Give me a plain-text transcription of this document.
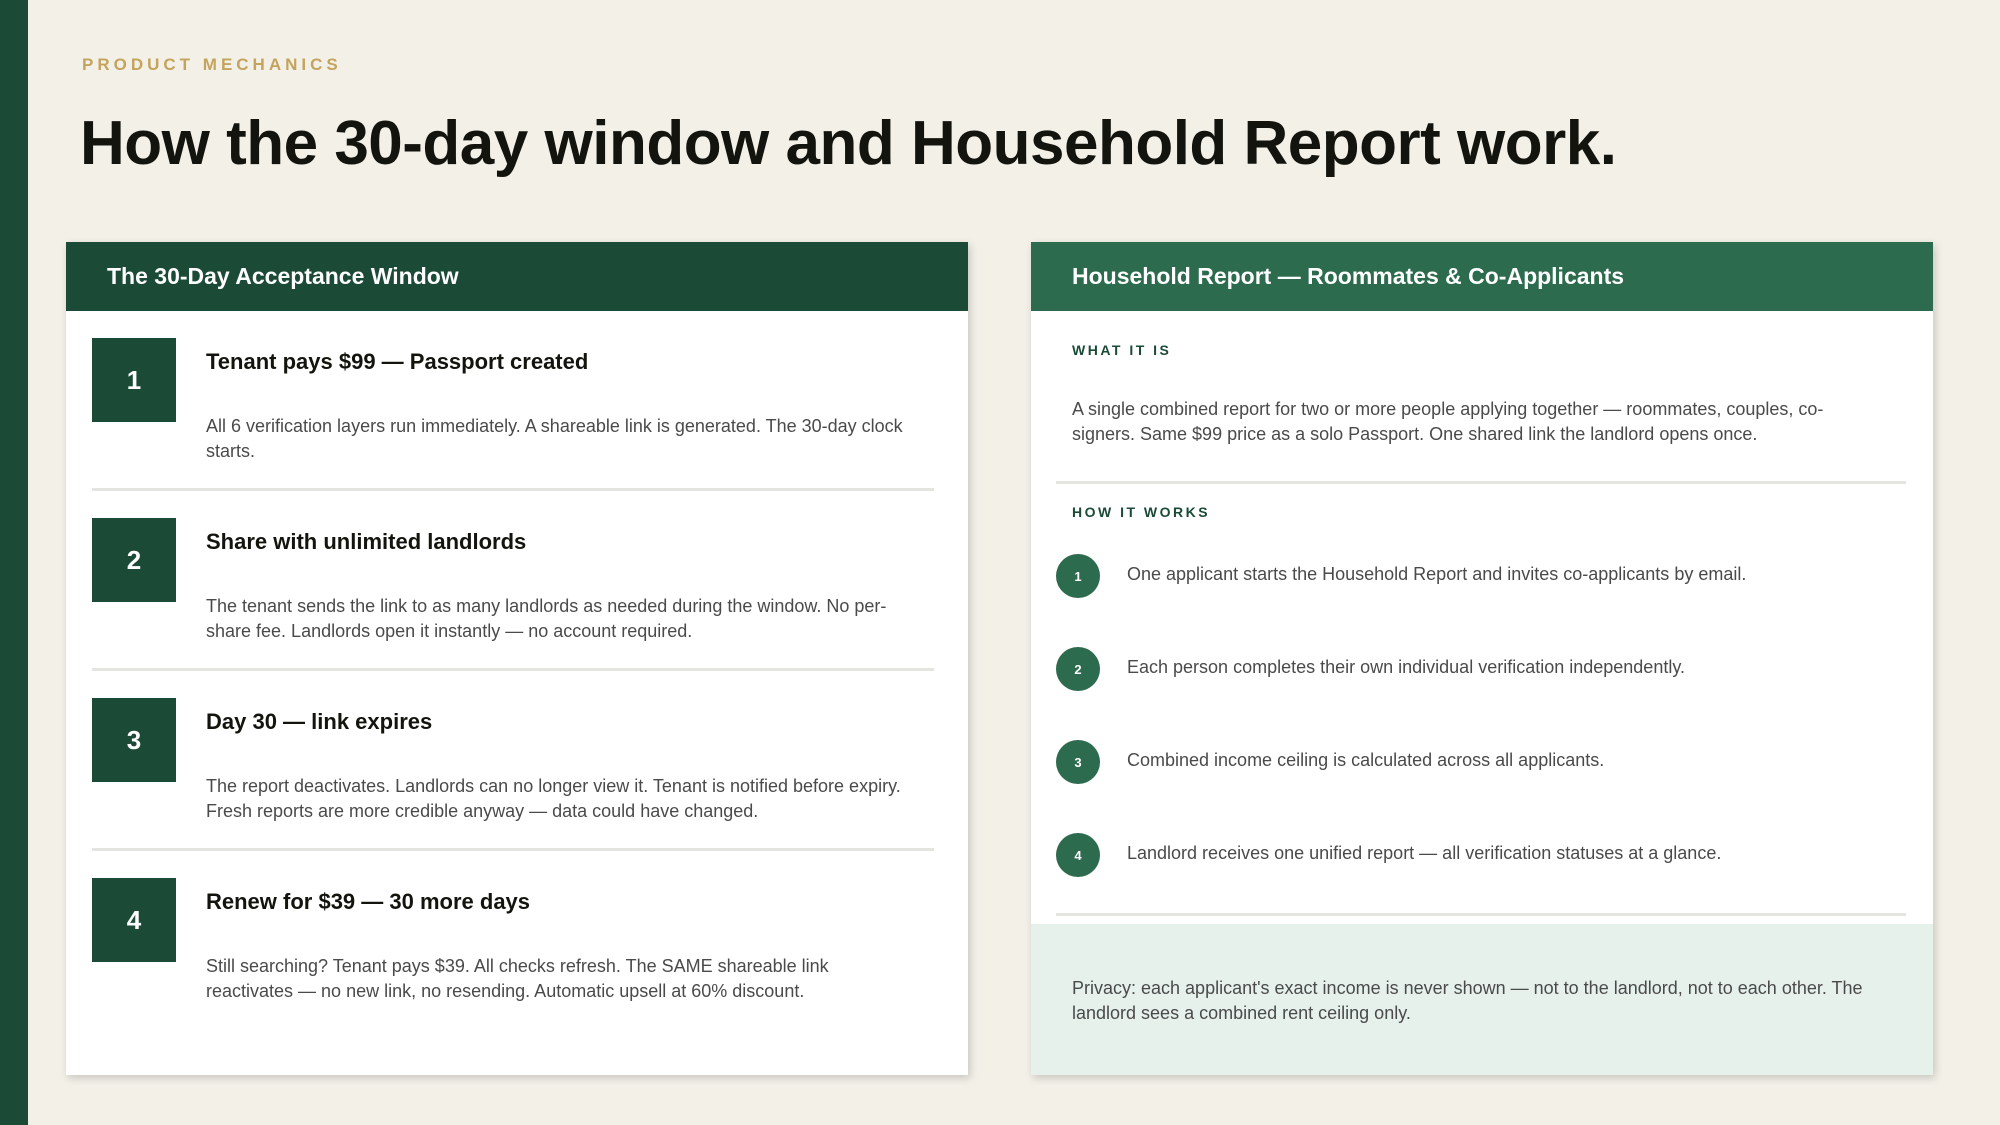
PRODUCT MECHANICS
How the 30-day window and Household Report work.
The 30-Day Acceptance Window
1
Tenant pays $99 — Passport created
All 6 verification layers run immediately. A shareable link is generated. The 30-day clock starts.
2
Share with unlimited landlords
The tenant sends the link to as many landlords as needed during the window. No per-share fee. Landlords open it instantly — no account required.
3
Day 30 — link expires
The report deactivates. Landlords can no longer view it. Tenant is notified before expiry. Fresh reports are more credible anyway — data could have changed.
4
Renew for $39 — 30 more days
Still searching? Tenant pays $39. All checks refresh. The SAME shareable link reactivates — no new link, no resending. Automatic upsell at 60% discount.
Household Report — Roommates & Co-Applicants
WHAT IT IS
A single combined report for two or more people applying together — roommates, couples, co-signers. Same $99 price as a solo Passport. One shared link the landlord opens once.
HOW IT WORKS
1	One applicant starts the Household Report and invites co-applicants by email.
2	Each person completes their own individual verification independently.
3	Combined income ceiling is calculated across all applicants.
4	Landlord receives one unified report — all verification statuses at a glance.
Privacy: each applicant's exact income is never shown — not to the landlord, not to each other. The landlord sees a combined rent ceiling only.
